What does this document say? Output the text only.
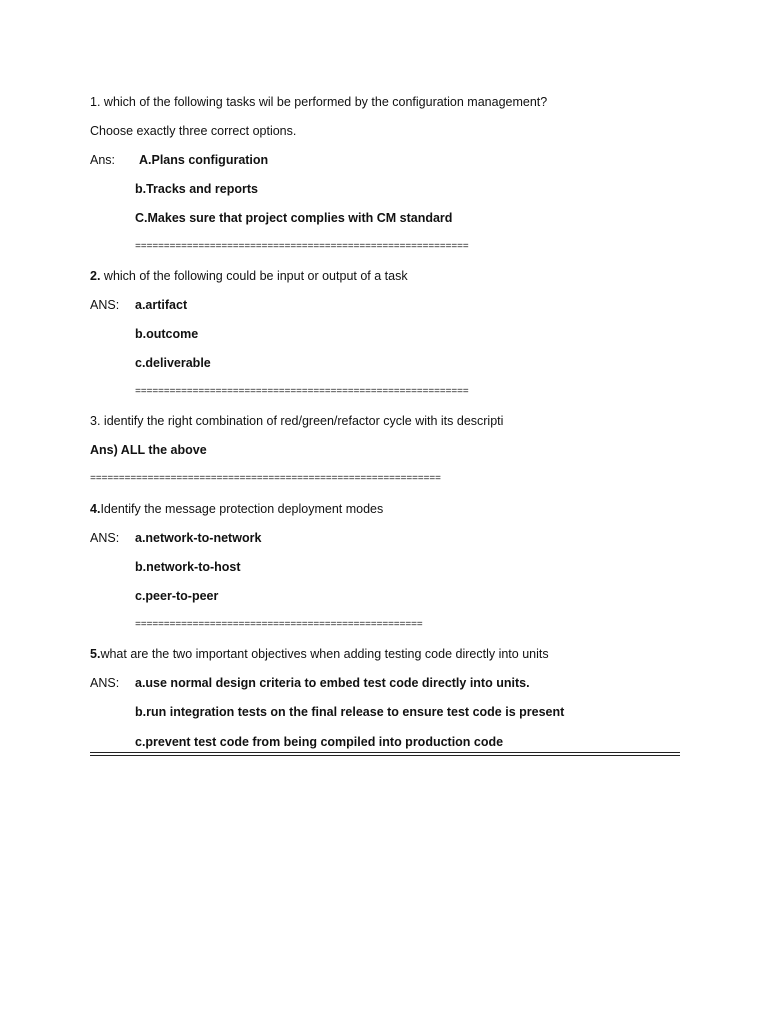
1. which of the following tasks wil be performed by the configuration management?
Choose exactly three correct options.
Ans: A.Plans configuration
b.Tracks and reports
C.Makes sure that project complies with CM standard
==========================================================
2. which of the following could be input or output of a task
ANS: a.artifact
b.outcome
c.deliverable
==========================================================
3. identify the right combination of red/green/refactor cycle with its descripti
Ans) ALL the above
=============================================================
4.Identify the message protection deployment modes
ANS: a.network-to-network
b.network-to-host
c.peer-to-peer
==================================================
5.what are the two important objectives when adding testing code directly into units
ANS: a.use normal design criteria to embed test code directly into units.
b.run integration tests on the final release to ensure test code is present
c.prevent test code from being compiled into production code
